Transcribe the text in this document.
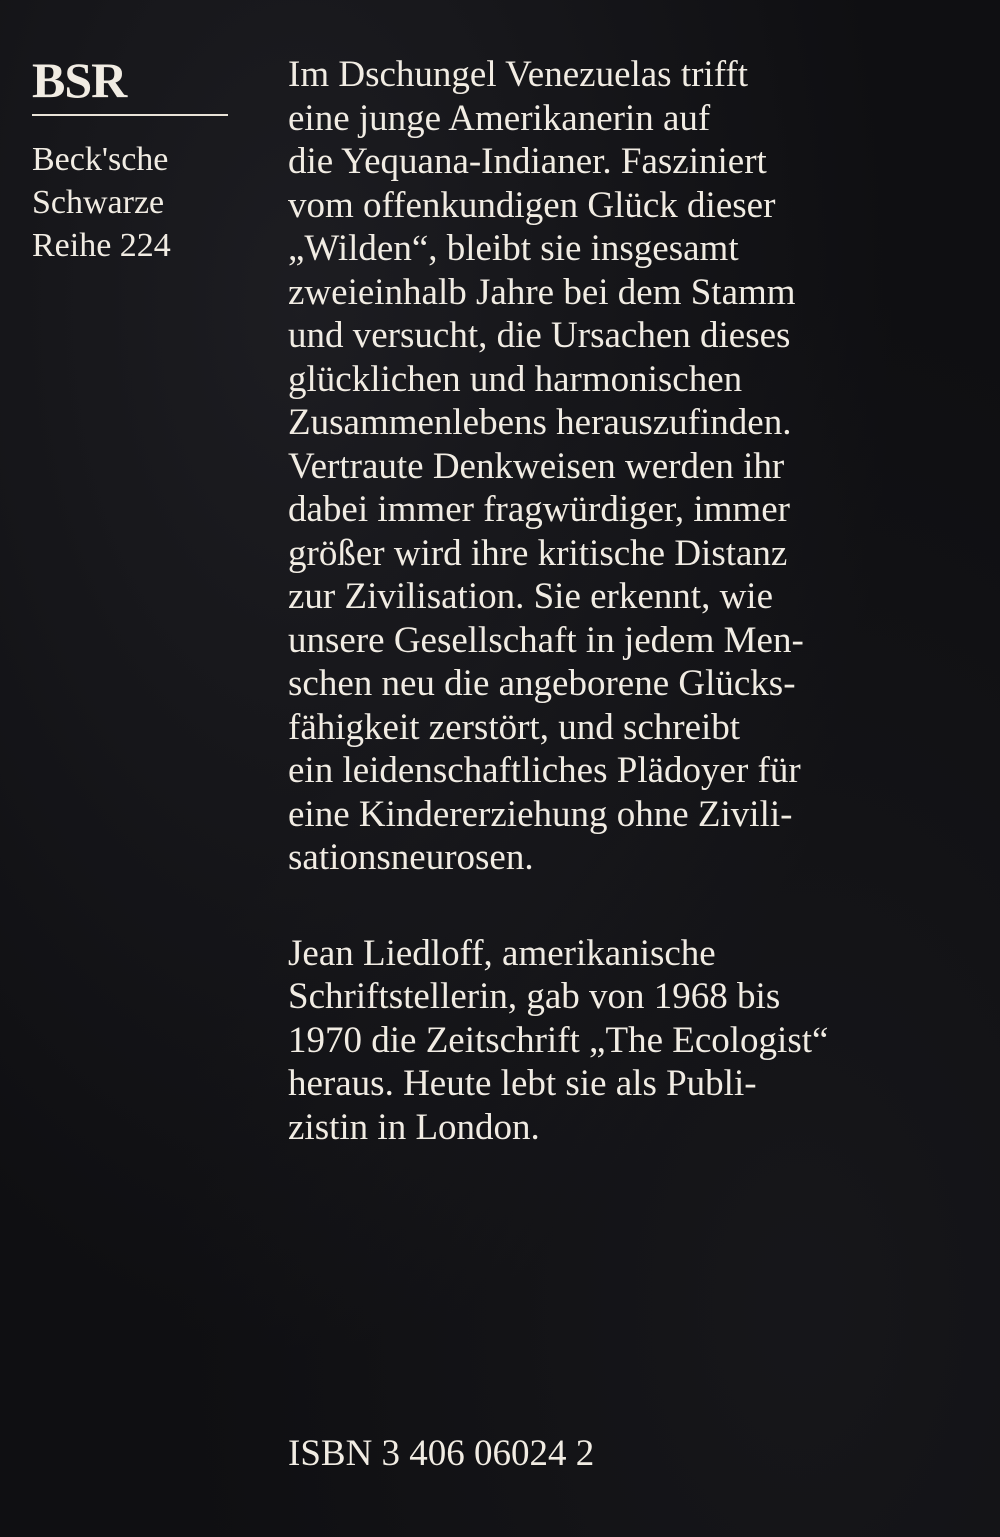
BSR

Beck'sche

Schwarze

Reihe 224

Im Dschungel Venezuelas trifft

eine junge Amerikanerin auf

die Yequana-Indianer. Fasziniert

vom offenkundigen Glück dieser

„Wilden“, bleibt sie insgesamt

zweieinhalb Jahre bei dem Stamm

und versucht, die Ursachen dieses

glücklichen und harmonischen

Zusammenlebens herauszufinden.

Vertraute Denkweisen werden ihr

dabei immer fragwürdiger, immer

größer wird ihre kritische Distanz

zur Zivilisation. Sie erkennt, wie

unsere Gesellschaft in jedem Men-

schen neu die angeborene Glücks-

fähigkeit zerstört, und schreibt

ein leidenschaftliches Plädoyer für

eine Kindererziehung ohne Zivili-

sationsneurosen.

Jean Liedloff, amerikanische

Schriftstellerin, gab von 1968 bis

1970 die Zeitschrift „The Ecologist“

heraus. Heute lebt sie als Publi-

zistin in London.

ISBN 3 406 06024 2
